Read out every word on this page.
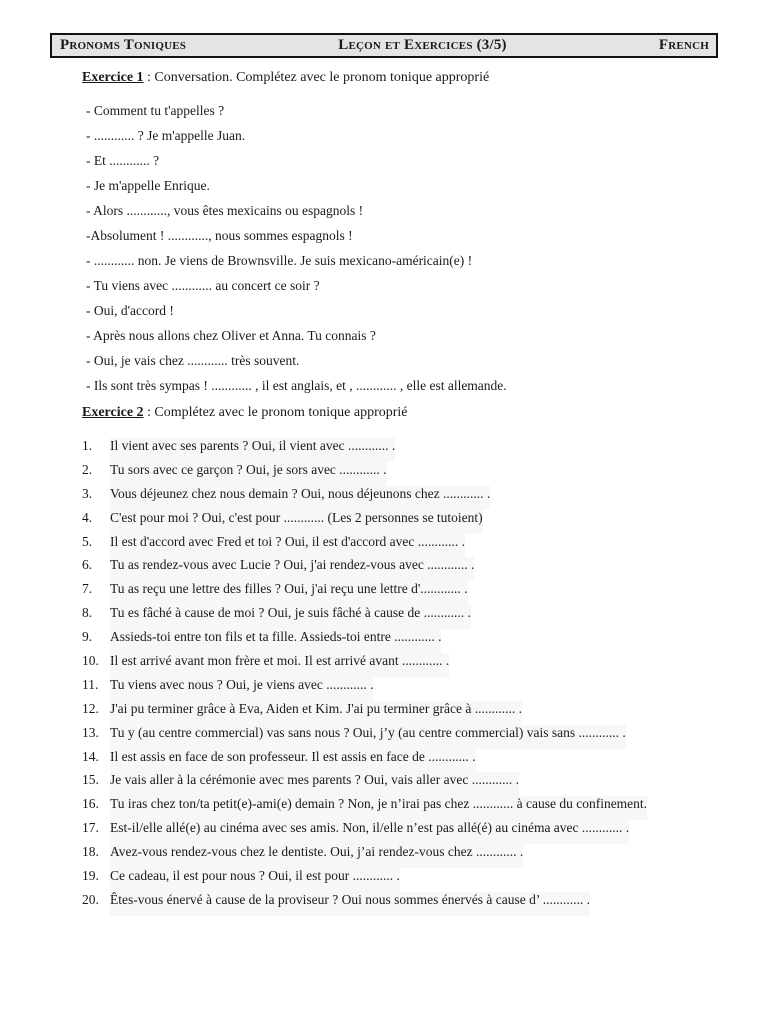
Pronoms Toniques	Leçon et Exercices (3/5)	French
Exercice 1 : Conversation. Complétez avec le pronom tonique approprié
- Comment tu t'appelles ?
- ............ ? Je m'appelle Juan.
- Et ............ ?
- Je m'appelle Enrique.
- Alors ............, vous êtes mexicains ou espagnols !
-Absolument ! ............, nous sommes espagnols !
- ............ non. Je viens de Brownsville. Je suis mexicano-américain(e) !
- Tu viens avec ............ au concert ce soir ?
- Oui, d'accord !
- Après nous allons chez Oliver et Anna. Tu connais ?
- Oui, je vais chez ............ très souvent.
- Ils sont très sympas ! ............ , il est anglais, et , ............ , elle est allemande.
Exercice 2 : Complétez avec le pronom tonique approprié
1.	Il vient avec ses parents ? Oui, il vient avec ............ .
2.	Tu sors avec ce garçon ? Oui, je sors avec ............ .
3.	Vous déjeunez chez nous demain ? Oui, nous déjeunons chez ............ .
4.	C'est pour moi ? Oui, c'est pour ............ (Les 2 personnes se tutoient)
5.	Il est d'accord avec Fred et toi ? Oui, il est d'accord avec ............ .
6.	Tu as rendez-vous avec Lucie ? Oui, j'ai rendez-vous avec ............ .
7.	Tu as reçu une lettre des filles ? Oui, j'ai reçu une lettre d'............ .
8.	Tu es fâché à cause de moi ? Oui, je suis fâché à cause de ............ .
9.	Assieds-toi entre ton fils et ta fille. Assieds-toi entre ............ .
10. Il est arrivé avant mon frère et moi. Il est arrivé avant ............ .
11. Tu viens avec nous ? Oui, je viens avec ............ .
12. J'ai pu terminer grâce à Eva, Aiden et Kim. J'ai pu terminer grâce à ............ .
13. Tu y (au centre commercial) vas sans nous ? Oui, j’y (au centre commercial) vais sans ............ .
14. Il est assis en face de son professeur. Il est assis en face de ............ .
15. Je vais aller à la cérémonie avec mes parents ? Oui, vais aller avec ............ .
16. Tu iras chez ton/ta petit(e)-ami(e) demain ? Non, je n’irai pas chez ............ à cause du confinement.
17. Est-il/elle allé(e) au cinéma avec ses amis. Non, il/elle n’est pas allé(é) au cinéma avec ............ .
18. Avez-vous rendez-vous chez le dentiste. Oui, j’ai rendez-vous chez ............ .
19. Ce cadeau, il est pour nous ? Oui, il est pour ............ .
20. Êtes-vous énervé à cause de la proviseur ? Oui nous sommes énervés à cause d’ ............ .
